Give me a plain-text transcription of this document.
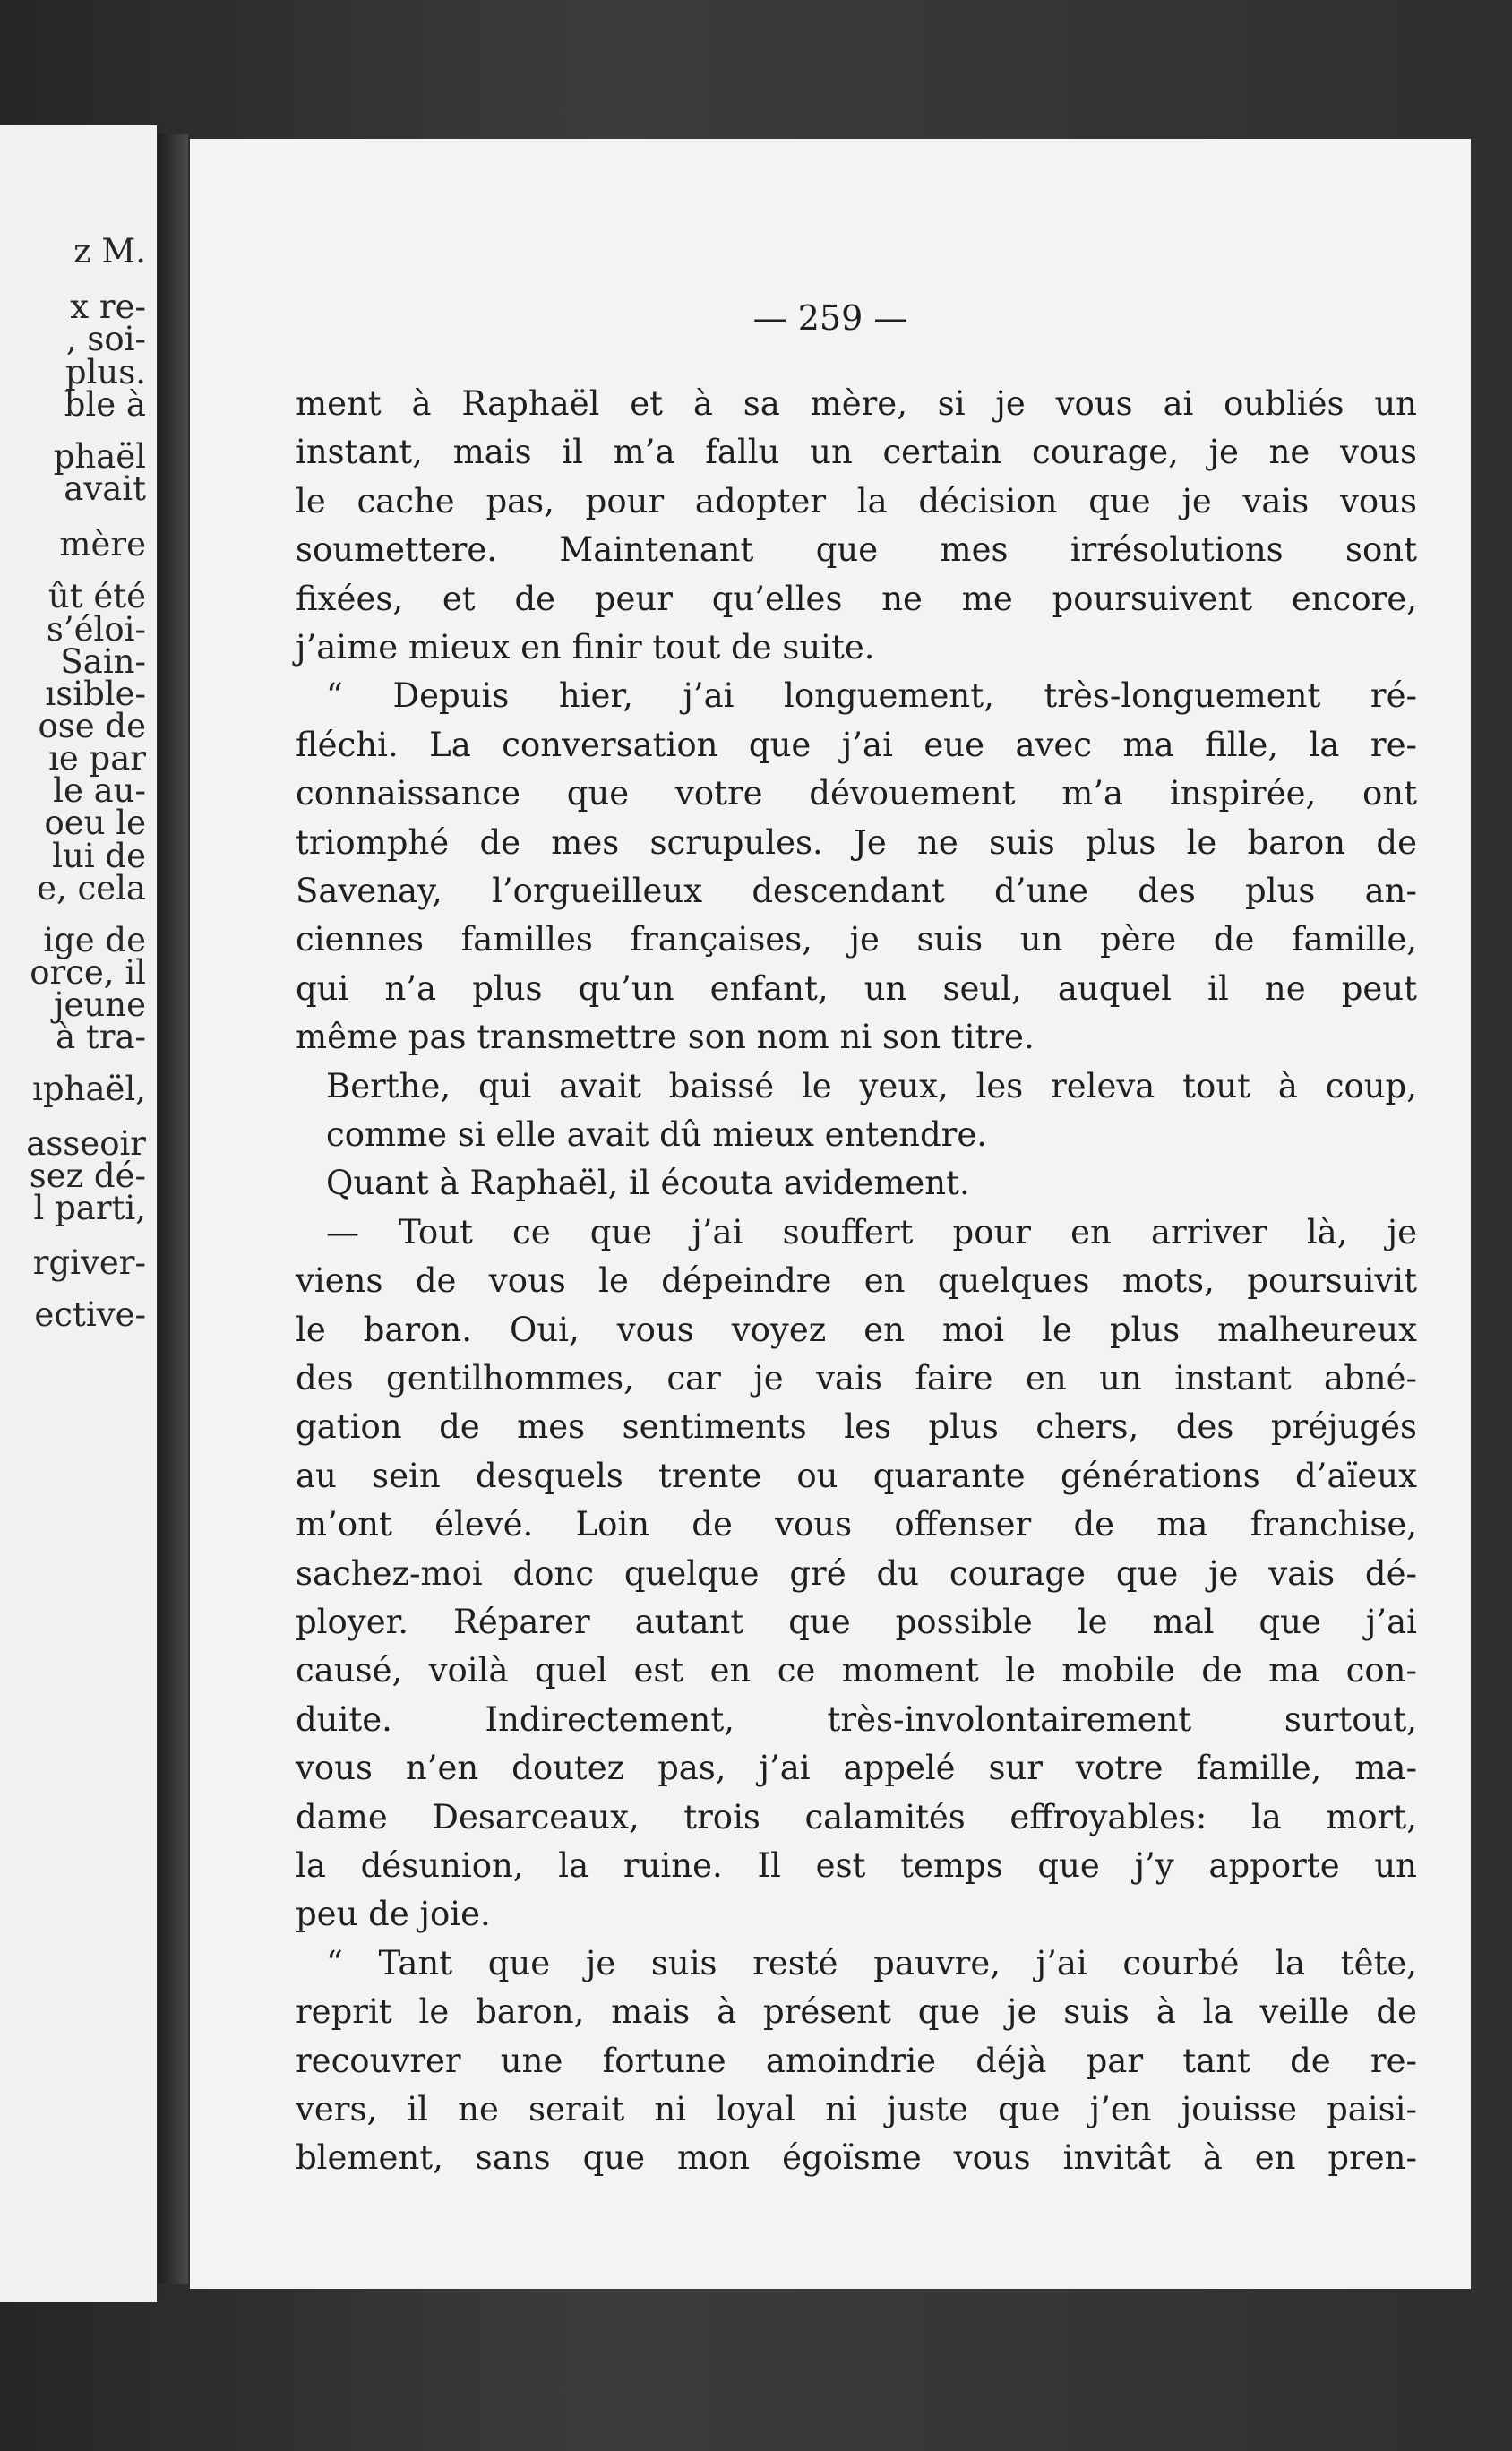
z M.
x re-
, soi-
plus.
ble à
phaël
avait
mère
ût été
s’éloi-
Sain-
ısible-
ose de
ıe par
le au-
oeu le
lui de
e, cela
ige de
orce, il
jeune
à tra-
ıphaël,
asseoir
sez dé-
l parti,
rgiver-
ective-
— 259 —
ment à Raphaël et à sa mère, si je vous ai oubliés un
instant, mais il m’a fallu un certain courage, je ne vous
le cache pas, pour adopter la décision que je vais vous
soumettere. Maintenant que mes irrésolutions sont
fixées, et de peur qu’elles ne me poursuivent encore,
j’aime mieux en finir tout de suite.
“ Depuis hier, j’ai longuement, très-longuement ré-
fléchi. La conversation que j’ai eue avec ma fille, la re-
connaissance que votre dévouement m’a inspirée, ont
triomphé de mes scrupules. Je ne suis plus le baron de
Savenay, l’orgueilleux descendant d’une des plus an-
ciennes familles françaises, je suis un père de famille,
qui n’a plus qu’un enfant, un seul, auquel il ne peut
même pas transmettre son nom ni son titre.
Berthe, qui avait baissé le yeux, les releva tout à coup,
comme si elle avait dû mieux entendre.
Quant à Raphaël, il écouta avidement.
— Tout ce que j’ai souffert pour en arriver là, je
viens de vous le dépeindre en quelques mots, poursuivit
le baron. Oui, vous voyez en moi le plus malheureux
des gentilhommes, car je vais faire en un instant abné-
gation de mes sentiments les plus chers, des préjugés
au sein desquels trente ou quarante générations d’aïeux
m’ont élevé. Loin de vous offenser de ma franchise,
sachez-moi donc quelque gré du courage que je vais dé-
ployer. Réparer autant que possible le mal que j’ai
causé, voilà quel est en ce moment le mobile de ma con-
duite. Indirectement, très-involontairement surtout,
vous n’en doutez pas, j’ai appelé sur votre famille, ma-
dame Desarceaux, trois calamités effroyables: la mort,
la désunion, la ruine. Il est temps que j’y apporte un
peu de joie.
“ Tant que je suis resté pauvre, j’ai courbé la tête,
reprit le baron, mais à présent que je suis à la veille de
recouvrer une fortune amoindrie déjà par tant de re-
vers, il ne serait ni loyal ni juste que j’en jouisse paisi-
blement, sans que mon égoïsme vous invitât à en pren-
